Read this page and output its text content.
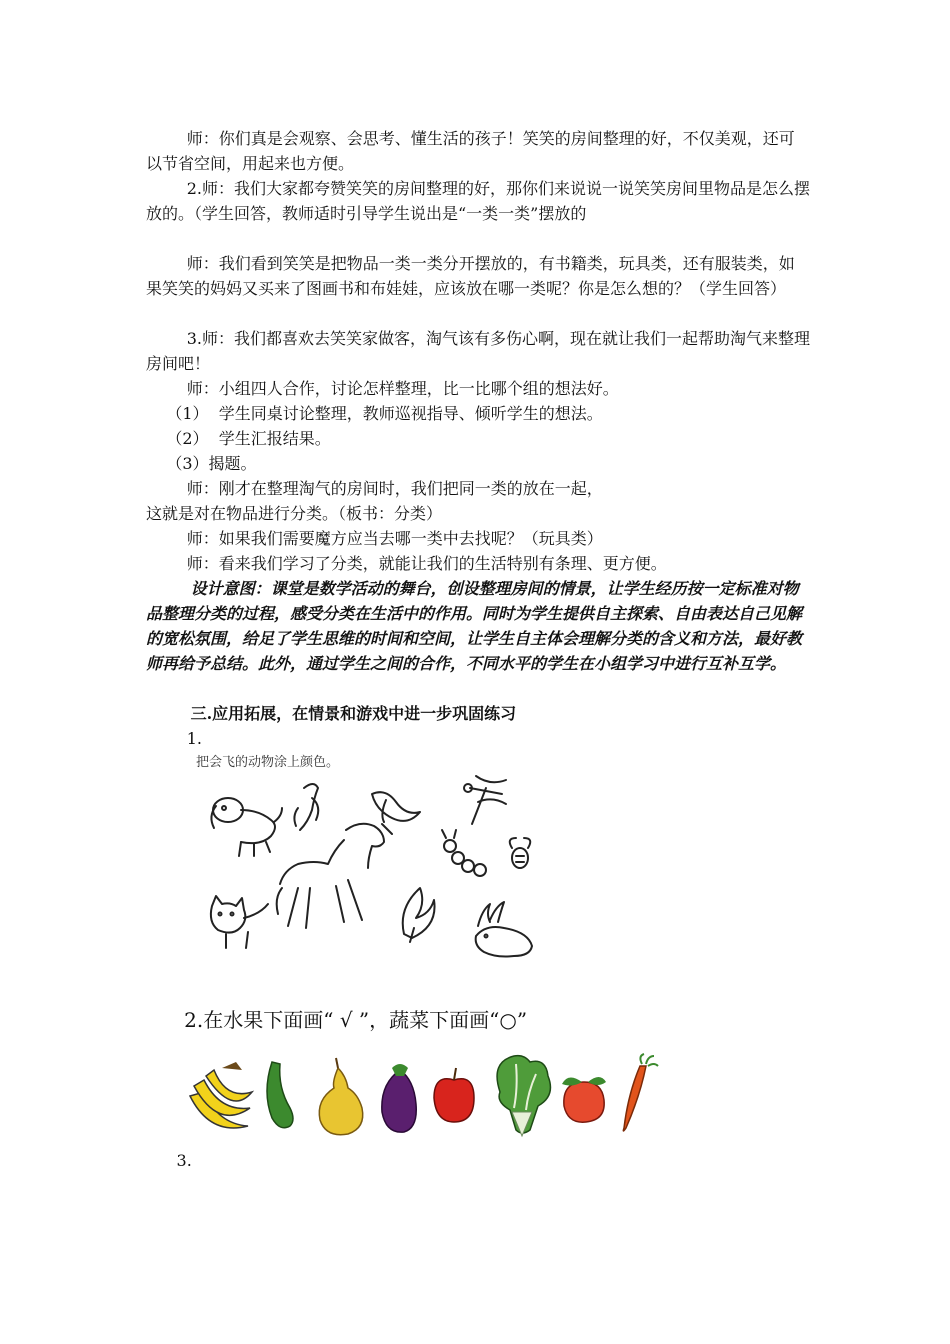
师：你们真是会观察、会思考、懂生活的孩子！笑笑的房间整理的好，不仅美观，还可以节省空间，用起来也方便。

2.师：我们大家都夸赞笑笑的房间整理的好，那你们来说说一说笑笑房间里物品是怎么摆放的。（学生回答，教师适时引导学生说出是“一类一类”摆放的

师：我们看到笑笑是把物品一类一类分开摆放的，有书籍类，玩具类，还有服装类，如果笑笑的妈妈又买来了图画书和布娃娃，应该放在哪一类呢？你是怎么想的？（学生回答）

3.师：我们都喜欢去笑笑家做客，淘气该有多伤心啊，现在就让我们一起帮助淘气来整理房间吧！

师：小组四人合作，讨论怎样整理，比一比哪个组的想法好。

（1）  学生同桌讨论整理，教师巡视指导、倾听学生的想法。

（2）  学生汇报结果。

（3）揭题。

师：刚才在整理淘气的房间时，我们把同一类的放在一起，

这就是对在物品进行分类。（板书：分类）

师：如果我们需要魔方应当去哪一类中去找呢？（玩具类）

师：看来我们学习了分类，就能让我们的生活特别有条理、更方便。

设计意图：课堂是数学活动的舞台，创设整理房间的情景，让学生经历按一定标准对物品整理分类的过程，感受分类在生活中的作用。同时为学生提供自主探索、自由表达自己见解的宽松氛围，给足了学生思维的时间和空间，让学生自主体会理解分类的含义和方法，最好教师再给予总结。此外，通过学生之间的合作，不同水平的学生在小组学习中进行互补互学。

三.应用拓展，在情景和游戏中进一步巩固练习

1.

把会飞的动物涂上颜色。

2.在水果下面画“ √ ”，蔬菜下面画“○”

3.
